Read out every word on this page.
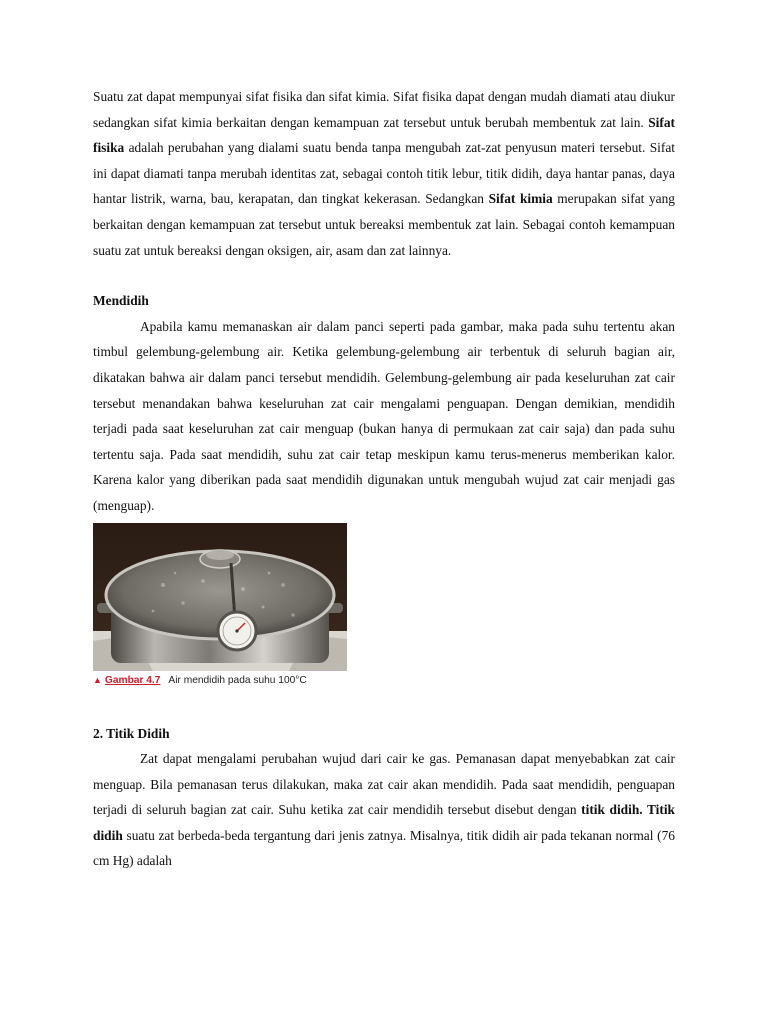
Suatu zat dapat mempunyai sifat fisika dan sifat kimia. Sifat fisika dapat dengan mudah diamati atau diukur sedangkan sifat kimia berkaitan dengan kemampuan zat tersebut untuk berubah membentuk zat lain. Sifat fisika adalah perubahan yang dialami suatu benda tanpa mengubah zat-zat penyusun materi tersebut. Sifat ini dapat diamati tanpa merubah identitas zat, sebagai contoh titik lebur, titik didih, daya hantar panas, daya hantar listrik, warna, bau, kerapatan, dan tingkat kekerasan. Sedangkan Sifat kimia merupakan sifat yang berkaitan dengan kemampuan zat tersebut untuk bereaksi membentuk zat lain. Sebagai contoh kemampuan suatu zat untuk bereaksi dengan oksigen, air, asam dan zat lainnya.

Mendidih

Apabila kamu memanaskan air dalam panci seperti pada gambar, maka pada suhu tertentu akan timbul gelembung-gelembung air. Ketika gelembung-gelembung air terbentuk di seluruh bagian air, dikatakan bahwa air dalam panci tersebut mendidih. Gelembung-gelembung air pada keseluruhan zat cair tersebut menandakan bahwa keseluruhan zat cair mengalami penguapan. Dengan demikian, mendidih terjadi pada saat keseluruhan zat cair menguap (bukan hanya di permukaan zat cair saja) dan pada suhu tertentu saja. Pada saat mendidih, suhu zat cair tetap meskipun kamu terus-menerus memberikan kalor. Karena kalor yang diberikan pada saat mendidih digunakan untuk mengubah wujud zat cair menjadi gas (menguap).

▲ Gambar 4.7 Air mendidih pada suhu 100°C
2. Titik Didih

Zat dapat mengalami perubahan wujud dari cair ke gas. Pemanasan dapat menyebabkan zat cair menguap. Bila pemanasan terus dilakukan, maka zat cair akan mendidih. Pada saat mendidih, penguapan terjadi di seluruh bagian zat cair. Suhu ketika zat cair mendidih tersebut disebut dengan titik didih. Titik didih suatu zat berbeda-beda tergantung dari jenis zatnya. Misalnya, titik didih air pada tekanan normal (76 cm Hg) adalah
